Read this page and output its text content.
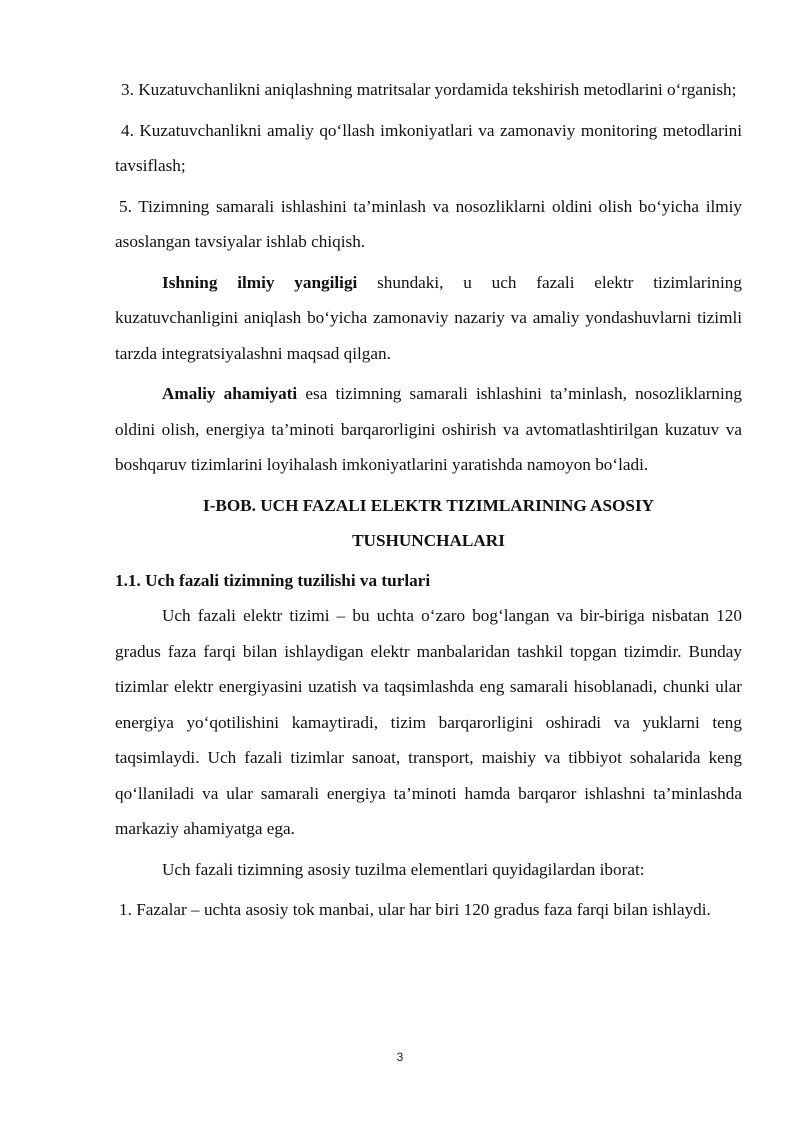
3. Kuzatuvchanlikni aniqlashning matritsalar yordamida tekshirish metodlarini o‘rganish;

4. Kuzatuvchanlikni amaliy qo‘llash imkoniyatlari va zamonaviy monitoring metodlarini tavsiflash;

5. Tizimning samarali ishlashini ta’minlash va nosozliklarni oldini olish bo‘yicha ilmiy asoslangan tavsiyalar ishlab chiqish.

Ishning ilmiy yangiligi shundaki, u uch fazali elektr tizimlarining kuzatuvchanligini aniqlash bo‘yicha zamonaviy nazariy va amaliy yondashuvlarni tizimli tarzda integratsiyalashni maqsad qilgan.

Amaliy ahamiyati esa tizimning samarali ishlashini ta’minlash, nosozliklarning oldini olish, energiya ta’minoti barqarorligini oshirish va avtomatlashtirilgan kuzatuv va boshqaruv tizimlarini loyihalash imkoniyatlarini yaratishda namoyon bo‘ladi.

I-BOB. UCH FAZALI ELEKTR TIZIMLARINING ASOSIY TUSHUNCHALARI

1.1. Uch fazali tizimning tuzilishi va turlari

Uch fazali elektr tizimi – bu uchta o‘zaro bog‘langan va bir-biriga nisbatan 120 gradus faza farqi bilan ishlaydigan elektr manbalaridan tashkil topgan tizimdir. Bunday tizimlar elektr energiyasini uzatish va taqsimlashda eng samarali hisoblanadi, chunki ular energiya yo‘qotilishini kamaytiradi, tizim barqarorligini oshiradi va yuklarni teng taqsimlaydi. Uch fazali tizimlar sanoat, transport, maishiy va tibbiyot sohalarida keng qo‘llaniladi va ular samarali energiya ta’minoti hamda barqaror ishlashni ta’minlashda markaziy ahamiyatga ega.

Uch fazali tizimning asosiy tuzilma elementlari quyidagilardan iborat:

1. Fazalar – uchta asosiy tok manbai, ular har biri 120 gradus faza farqi bilan ishlaydi.

3
